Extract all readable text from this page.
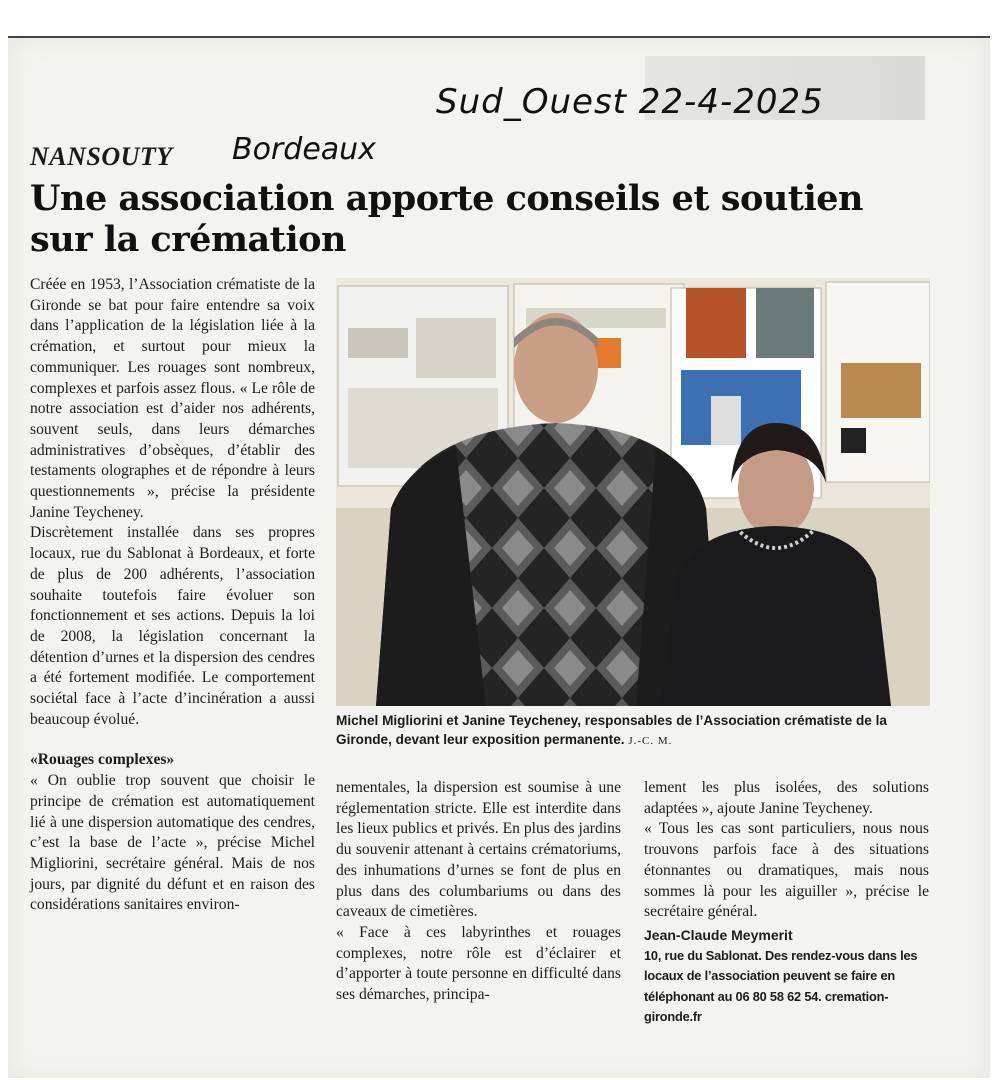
Sud_Ouest 22-4-2025
Bordeaux
NANSOUTY
Une association apporte conseils et soutien sur la crémation

Créée en 1953, l’Association crématiste de la Gironde se bat pour faire entendre sa voix dans l’application de la législation liée à la crémation, et surtout pour mieux la communiquer. Les rouages sont nombreux, complexes et parfois assez flous. « Le rôle de notre association est d’aider nos adhérents, souvent seuls, dans leurs démarches administratives d’obsèques, d’établir des testaments olographes et de répondre à leurs questionnements », précise la présidente Janine Teycheney.

Discrètement installée dans ses propres locaux, rue du Sablonat à Bordeaux, et forte de plus de 200 adhérents, l’association souhaite toutefois faire évoluer son fonctionnement et ses actions. Depuis la loi de 2008, la législation concernant la détention d’urnes et la dispersion des cendres a été fortement modifiée. Le comportement sociétal face à l’acte d’incinération a aussi beaucoup évolué.

«Rouages complexes»

« On oublie trop souvent que choisir le principe de crémation est automatiquement lié à une dispersion automatique des cendres, c’est la base de l’acte », précise Michel Migliorini, secrétaire général. Mais de nos jours, par dignité du défunt et en raison des considérations sanitaires environ-

Michel Migliorini et Janine Teycheney, responsables de l’Association crématiste de la Gironde, devant leur exposition permanente. J.-C. M.

nementales, la dispersion est soumise à une réglementation stricte. Elle est interdite dans les lieux publics et privés. En plus des jardins du souvenir attenant à certains crématoriums, des inhumations d’urnes se font de plus en plus dans des columbariums ou dans des caveaux de cimetières.

« Face à ces labyrinthes et rouages complexes, notre rôle est d’éclairer et d’apporter à toute personne en difficulté dans ses démarches, principa-

lement les plus isolées, des solutions adaptées », ajoute Janine Teycheney.

« Tous les cas sont particuliers, nous nous trouvons parfois face à des situations étonnantes ou dramatiques, mais nous sommes là pour les aiguiller », précise le secrétaire général.

Jean-Claude Meymerit

10, rue du Sablonat. Des rendez-vous dans les locaux de l’association peuvent se faire en téléphonant au 06 80 58 62 54. cremation-gironde.fr
